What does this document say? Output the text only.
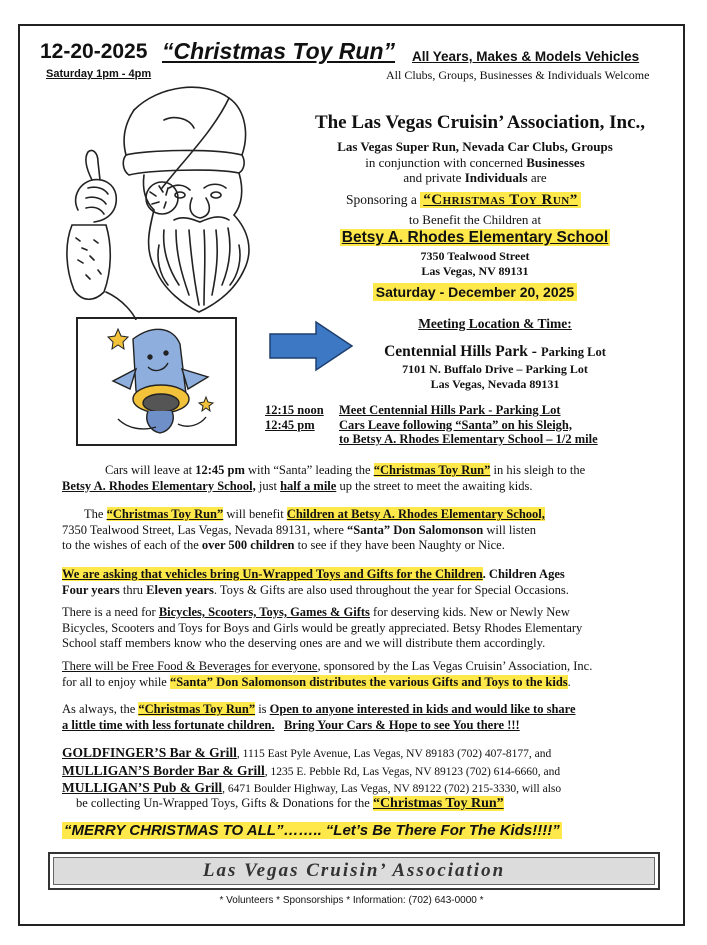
12-20-2025 “Christmas Toy Run” All Years, Makes & Models Vehicles
Saturday 1pm - 4pm	All Clubs, Groups, Businesses & Individuals Welcome
The Las Vegas Cruisin’ Association, Inc.,
Las Vegas Super Run, Nevada Car Clubs, Groups
in conjunction with concerned Businesses
and private Individuals are
Sponsoring a “Christmas Toy Run”
to Benefit the Children at
Betsy A. Rhodes Elementary School
7350 Tealwood Street
Las Vegas, NV 89131
Saturday - December 20, 2025
Meeting Location & Time:
Centennial Hills Park - Parking Lot
7101 N. Buffalo Drive – Parking Lot
Las Vegas, Nevada 89131
12:15 noon Meet Centennial Hills Park - Parking Lot
12:45 pm Cars Leave following “Santa” on his Sleigh,
to Betsy A. Rhodes Elementary School – 1/2 mile
Cars will leave at 12:45 pm with “Santa” leading the “Christmas Toy Run” in his sleigh to the
Betsy A. Rhodes Elementary School, just half a mile up the street to meet the awaiting kids.
The “Christmas Toy Run” will benefit Children at Betsy A. Rhodes Elementary School,
7350 Tealwood Street, Las Vegas, Nevada 89131, where “Santa” Don Salomonson will listen
to the wishes of each of the over 500 children to see if they have been Naughty or Nice.
We are asking that vehicles bring Un-Wrapped Toys and Gifts for the Children. Children Ages
Four years thru Eleven years. Toys & Gifts are also used throughout the year for Special Occasions.
There is a need for Bicycles, Scooters, Toys, Games & Gifts for deserving kids. New or Newly New
Bicycles, Scooters and Toys for Boys and Girls would be greatly appreciated. Betsy Rhodes Elementary
School staff members know who the deserving ones are and we will distribute them accordingly.
There will be Free Food & Beverages for everyone, sponsored by the Las Vegas Cruisin’ Association, Inc.
for all to enjoy while “Santa” Don Salomonson distributes the various Gifts and Toys to the kids.
As always, the “Christmas Toy Run” is Open to anyone interested in kids and would like to share
a little time with less fortunate children. Bring Your Cars & Hope to see You there !!!
GOLDFINGER’S Bar & Grill, 1115 East Pyle Avenue, Las Vegas, NV 89183 (702) 407-8177, and
MULLIGAN’S Border Bar & Grill, 1235 E. Pebble Rd, Las Vegas, NV 89123 (702) 614-6660, and
MULLIGAN’S Pub & Grill, 6471 Boulder Highway, Las Vegas, NV 89122 (702) 215-3330, will also
be collecting Un-Wrapped Toys, Gifts & Donations for the “Christmas Toy Run”
“MERRY CHRISTMAS TO ALL”…….. “Let’s Be There For The Kids!!!!”
Las Vegas Cruisin’ Association
* Volunteers * Sponsorships * Information: (702) 643-0000 *
